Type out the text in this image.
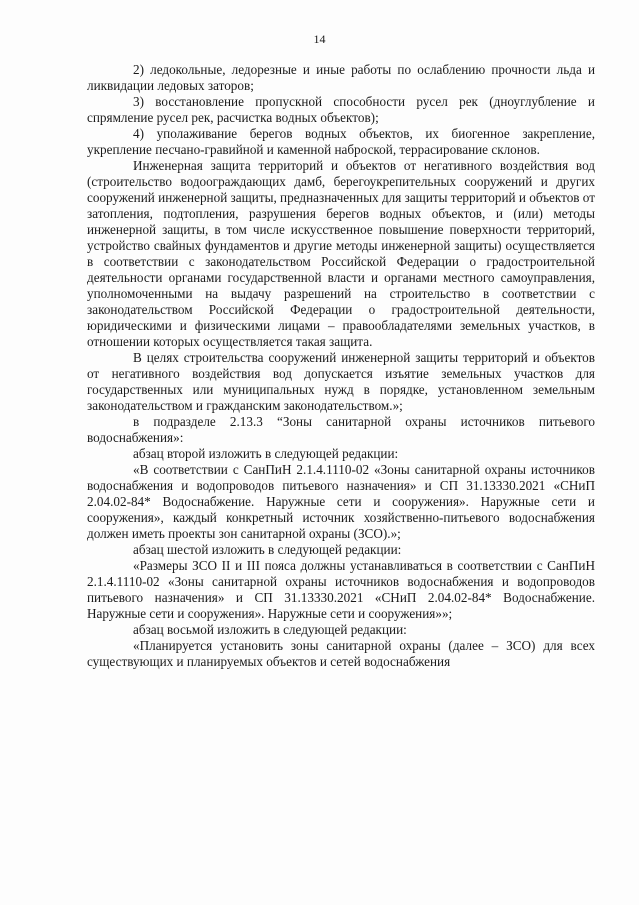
14

2) ледокольные, ледорезные и иные работы по ослаблению прочности льда и ликвидации ледовых заторов;

3) восстановление пропускной способности русел рек (дноуглубление и спрямление русел рек, расчистка водных объектов);

4) уполаживание берегов водных объектов, их биогенное закрепление, укрепление песчано-гравийной и каменной наброской, террасирование склонов.

Инженерная защита территорий и объектов от негативного воздействия вод (строительство водоограждающих дамб, берегоукрепительных сооружений и других сооружений инженерной защиты, предназначенных для защиты территорий и объектов от затопления, подтопления, разрушения берегов водных объектов, и (или) методы инженерной защиты, в том числе искусственное повышение поверхности территорий, устройство свайных фундаментов и другие методы инженерной защиты) осуществляется в соответствии с законодательством Российской Федерации о градостроительной деятельности органами государственной власти и органами местного самоуправления, уполномоченными на выдачу разрешений на строительство в соответствии с законодательством Российской Федерации о градостроительной деятельности, юридическими и физическими лицами – правообладателями земельных участков, в отношении которых осуществляется такая защита.

В целях строительства сооружений инженерной защиты территорий и объектов от негативного воздействия вод допускается изъятие земельных участков для государственных или муниципальных нужд в порядке, установленном земельным законодательством и гражданским законодательством.»;

в подразделе 2.13.3 “Зоны санитарной охраны источников питьевого водоснабжения»:

абзац второй изложить в следующей редакции:

«В соответствии с СанПиН 2.1.4.1110-02 «Зоны санитарной охраны источников водоснабжения и водопроводов питьевого назначения» и СП 31.13330.2021 «СНиП 2.04.02-84* Водоснабжение. Наружные сети и сооружения». Наружные сети и сооружения», каждый конкретный источник хозяйственно-питьевого водоснабжения должен иметь проекты зон санитарной охраны (ЗСО).»;

абзац шестой изложить в следующей редакции:

«Размеры ЗСО II и III пояса должны устанавливаться в соответствии с СанПиН 2.1.4.1110-02 «Зоны санитарной охраны источников водоснабжения и водопроводов питьевого назначения» и СП 31.13330.2021 «СНиП 2.04.02-84* Водоснабжение. Наружные сети и сооружения». Наружные сети и сооружения»»;

абзац восьмой изложить в следующей редакции:

«Планируется установить зоны санитарной охраны (далее – ЗСО) для всех существующих и планируемых объектов и сетей водоснабжения
